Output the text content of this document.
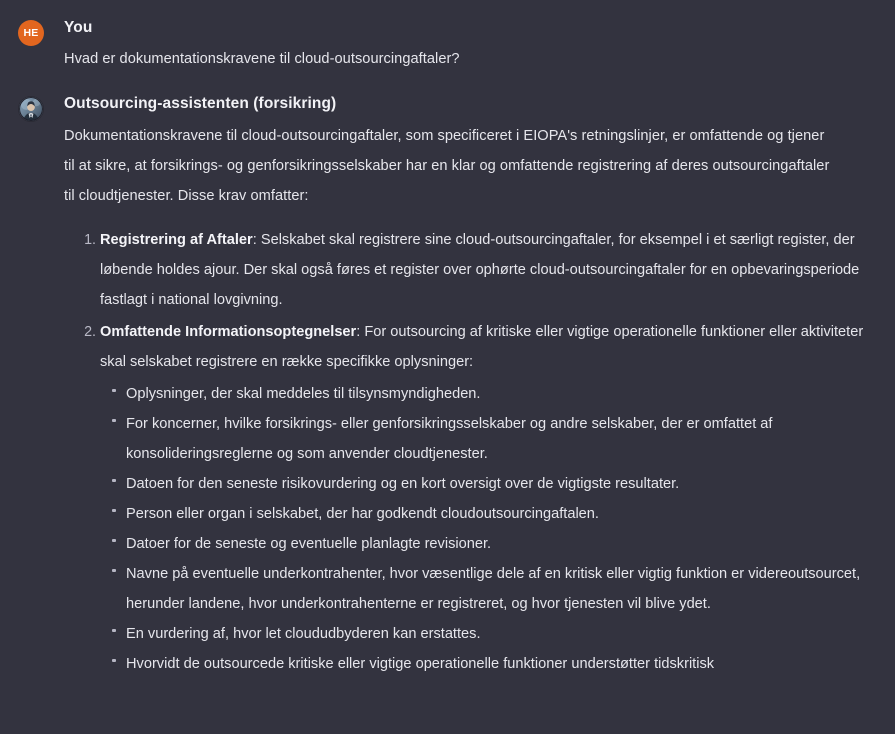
HE You

Hvad er dokumentationskravene til cloud-outsourcingaftaler?

Outsourcing-assistenten (forsikring)

Dokumentationskravene til cloud-outsourcingaftaler, som specificeret i EIOPA's retningslinjer, er omfattende og tjener til at sikre, at forsikrings- og genforsikringsselskaber har en klar og omfattende registrering af deres outsourcingaftaler til cloudtjenester. Disse krav omfatter:

Registrering af Aftaler: Selskabet skal registrere sine cloud-outsourcingaftaler, for eksempel i et særligt register, der løbende holdes ajour. Der skal også føres et register over ophørte cloud-outsourcingaftaler for en opbevaringsperiode fastlagt i national lovgivning.
Omfattende Informationsoptegnelser: For outsourcing af kritiske eller vigtige operationelle funktioner eller aktiviteter skal selskabet registrere en række specifikke oplysninger:
Oplysninger, der skal meddeles til tilsynsmyndigheden.
For koncerner, hvilke forsikrings- eller genforsikringsselskaber og andre selskaber, der er omfattet af konsolideringsreglerne og som anvender cloudtjenester.
Datoen for den seneste risikovurdering og en kort oversigt over de vigtigste resultater.
Person eller organ i selskabet, der har godkendt cloudoutsourcingaftalen.
Datoer for de seneste og eventuelle planlagte revisioner.
Navne på eventuelle underkontrahenter, hvor væsentlige dele af en kritisk eller vigtig funktion er videreoutsourcet, herunder landene, hvor underkontrahenterne er registreret, og hvor tjenesten vil blive ydet.
En vurdering af, hvor let cloududbyderen kan erstattes.
Hvorvidt de outsourcede kritiske eller vigtige operationelle funktioner understøtter tidskritisk
